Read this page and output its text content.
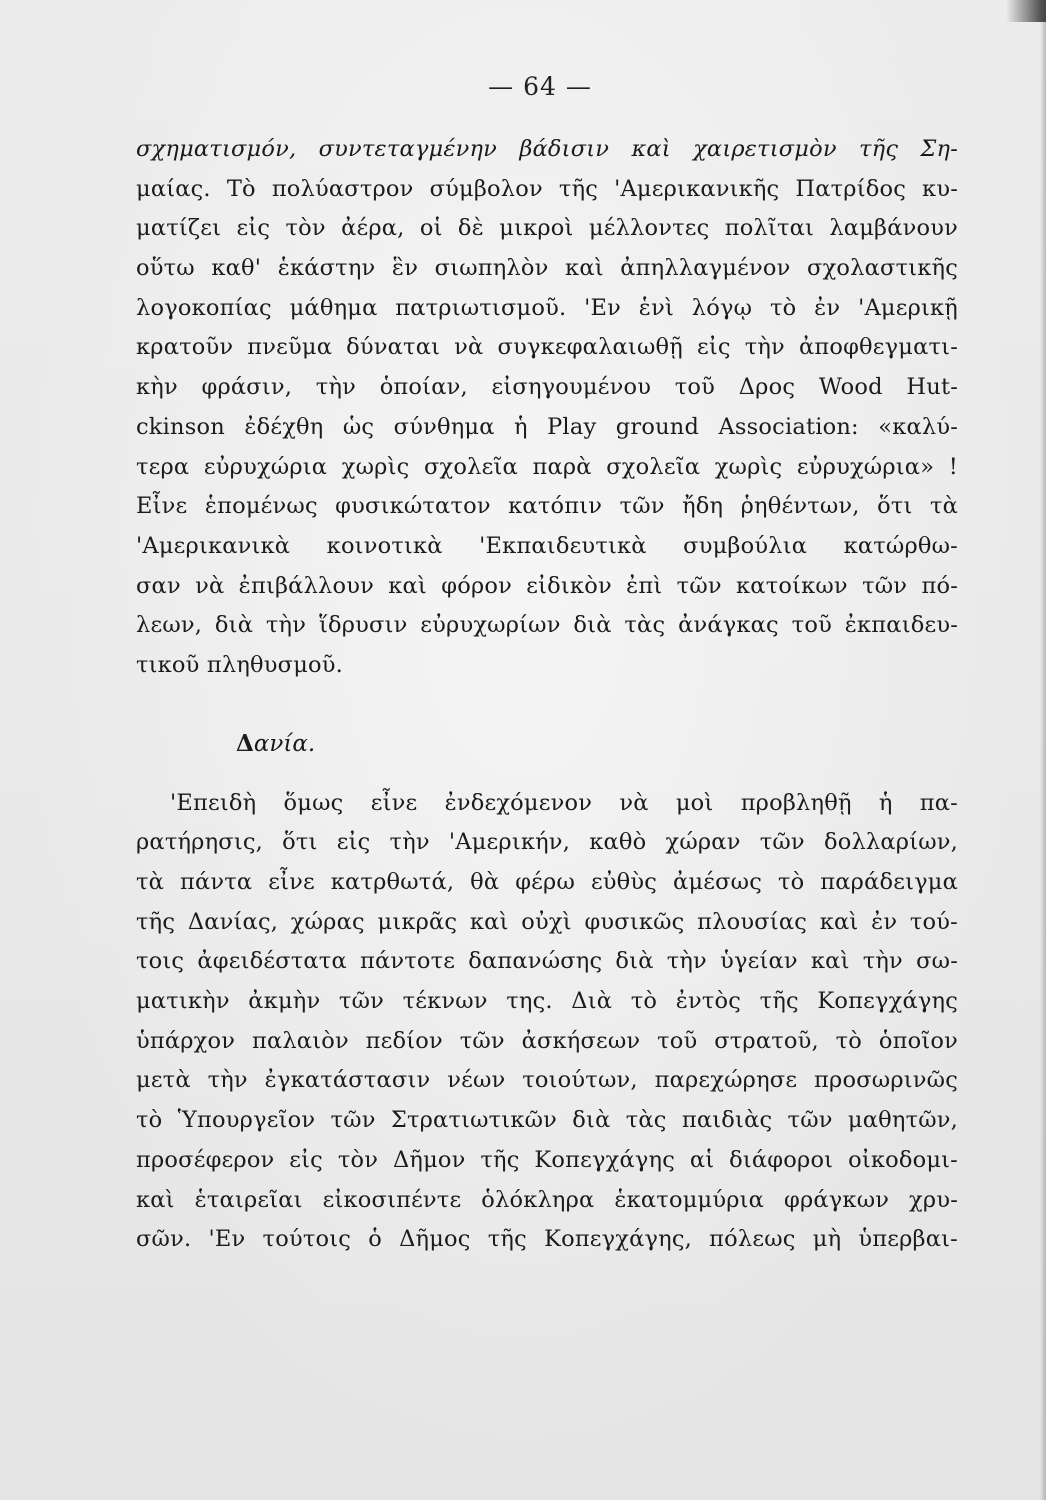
— 64 —
σχηματισμόν, συντεταγμένην βάδισιν καὶ χαιρετισμὸν τῆς Ση-
μαίας. Τὸ πολύαστρον σύμβολον τῆς 'Αμερικανικῆς Πατρίδος κυ-
ματίζει εἰς τὸν ἀέρα, οἱ δὲ μικροὶ μέλλοντες πολῖται λαμβάνουν
οὕτω καθ' ἑκάστην ἓν σιωπηλὸν καὶ ἀπηλλαγμένον σχολαστικῆς
λογοκοπίας μάθημα πατριωτισμοῦ. 'Εν ἑνὶ λόγῳ τὸ ἐν 'Αμερικῇ
κρατοῦν πνεῦμα δύναται νὰ συγκεφαλαιωθῇ εἰς τὴν ἀποφθεγματι-
κὴν φράσιν, τὴν ὁποίαν, εἰσηγουμένου τοῦ Δρος Wood Hut-
ckinson ἐδέχθη ὡς σύνθημα ἡ Play ground Association: «καλύ-
τερα εὐρυχώρια χωρὶς σχολεῖα παρὰ σχολεῖα χωρὶς εὐρυχώρια» !
Εἶνε ἑπομένως φυσικώτατον κατόπιν τῶν ἤδη ῥηθέντων, ὅτι τὰ
'Αμερικανικὰ κοινοτικὰ 'Εκπαιδευτικὰ συμβούλια κατώρθω-
σαν νὰ ἐπιβάλλουν καὶ φόρον εἰδικὸν ἐπὶ τῶν κατοίκων τῶν πό-
λεων, διὰ τὴν ἵδρυσιν εὐρυχωρίων διὰ τὰς ἀνάγκας τοῦ ἐκπαιδευ-
τικοῦ πληθυσμοῦ.
Δανία.
'Επειδὴ ὅμως εἶνε ἐνδεχόμενον νὰ μοὶ προβληθῇ ἡ πα-
ρατήρησις, ὅτι εἰς τὴν 'Αμερικήν, καθὸ χώραν τῶν δολλαρίων,
τὰ πάντα εἶνε κατρθωτά, θὰ φέρω εὐθὺς ἀμέσως τὸ παράδειγμα
τῆς Δανίας, χώρας μικρᾶς καὶ οὐχὶ φυσικῶς πλουσίας καὶ ἐν τού-
τοις ἀφειδέστατα πάντοτε δαπανώσης διὰ τὴν ὑγείαν καὶ τὴν σω-
ματικὴν ἀκμὴν τῶν τέκνων της. Διὰ τὸ ἐντὸς τῆς Κοπεγχάγης
ὑπάρχον παλαιὸν πεδίον τῶν ἀσκήσεων τοῦ στρατοῦ, τὸ ὁποῖον
μετὰ τὴν ἐγκατάστασιν νέων τοιούτων, παρεχώρησε προσωρινῶς
τὸ Ὑπουργεῖον τῶν Στρατιωτικῶν διὰ τὰς παιδιὰς τῶν μαθητῶν,
προσέφερον εἰς τὸν Δῆμον τῆς Κοπεγχάγης αἱ διάφοροι οἰκοδομι-
καὶ ἑταιρεῖαι εἰκοσιπέντε ὁλόκληρα ἑκατομμύρια φράγκων χρυ-
σῶν. 'Εν τούτοις ὁ Δῆμος τῆς Κοπεγχάγης, πόλεως μὴ ὑπερβαι-
